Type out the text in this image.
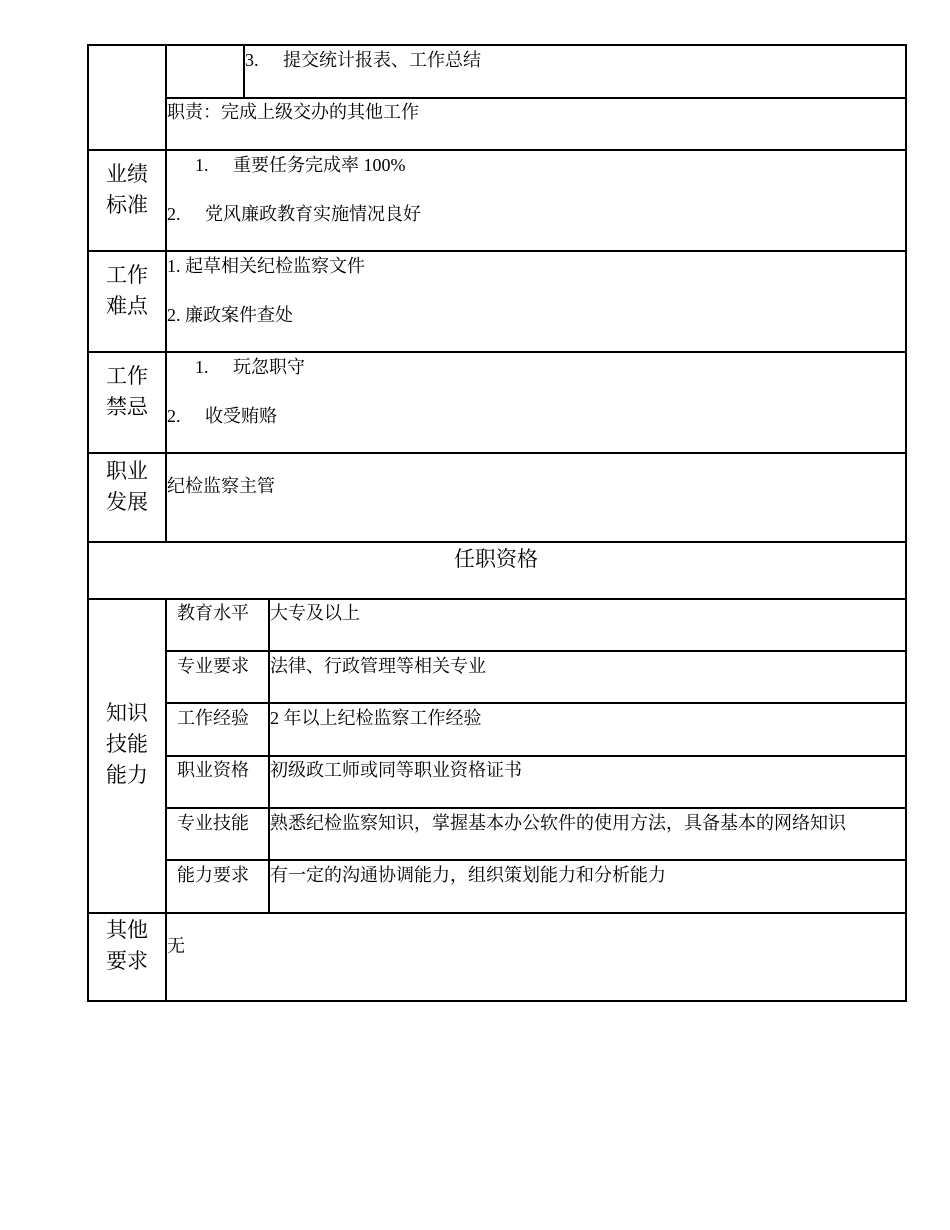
3. 提交统计报表、工作总结
职责：完成上级交办的其他工作
业绩
标准
1. 重要任务完成率 100%
2. 党风廉政教育实施情况良好
工作
难点
1. 起草相关纪检监察文件
2. 廉政案件查处
工作
禁忌
1. 玩忽职守
2. 收受贿赂
职业
发展
纪检监察主管
任职资格
知识
技能
能力
教育水平 大专及以上
专业要求 法律、行政管理等相关专业
工作经验 2 年以上纪检监察工作经验
职业资格 初级政工师或同等职业资格证书
专业技能 熟悉纪检监察知识，掌握基本办公软件的使用方法，具备基本的网络知识
能力要求 有一定的沟通协调能力，组织策划能力和分析能力
其他
要求
无
